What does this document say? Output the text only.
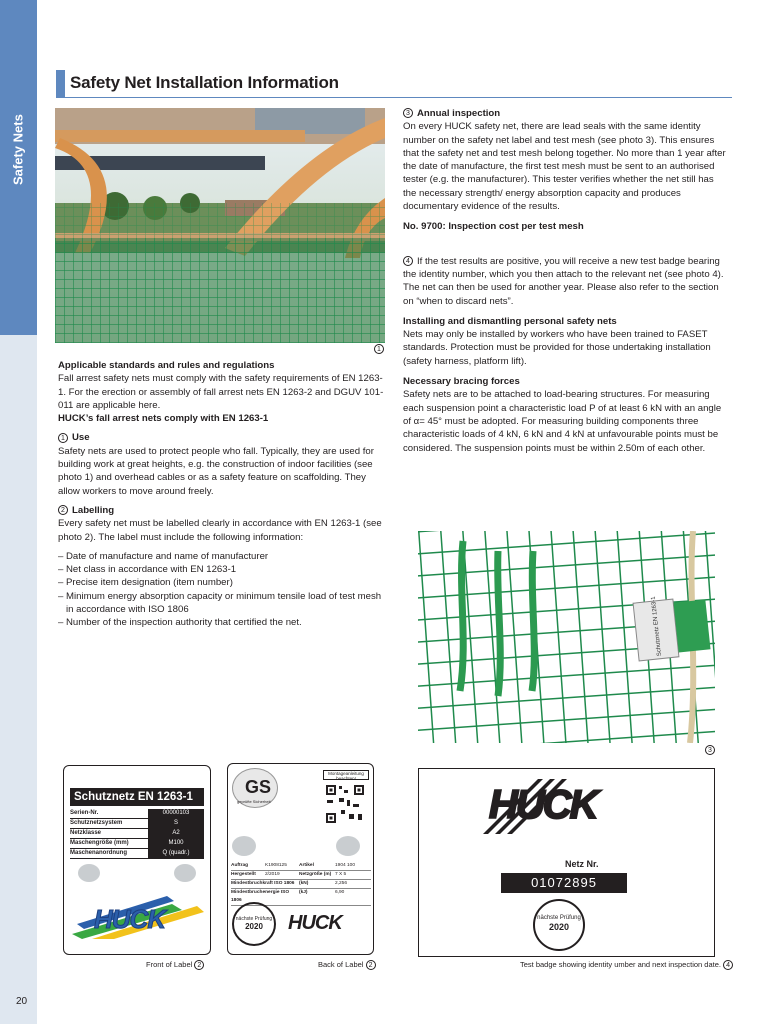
Safety Nets
20
Safety Net Installation Information
1

Applicable standards and rules and regulations

Fall arrest safety nets must comply with the safety requirements of EN 1263-1. For the erection or assembly of fall arrest nets EN 1263-2 and DGUV 101-011 are applicable here.

HUCK’s fall arrest nets comply with EN 1263-1

1 Use

Safety nets are used to protect people who fall. Typically, they are used for building work at great heights, e.g. the construction of indoor facilities (see photo 1) and overhead cables or as a safety feature on scaffolding. They allow workers to move around freely.

2 Labelling

Every safety net must be labelled clearly in accordance with EN 1263-1 (see photo 2). The label must include the following information:

– Date of manufacture and name of manufacturer

– Net class in accordance with EN 1263-1

– Precise item designation (item number)

– Minimum energy absorption capacity or minimum tensile load of test mesh

in accordance with ISO 1806

– Number of the inspection authority that certified the net.

3 Annual inspection

On every HUCK safety net, there are lead seals with the same identity number on the safety net label and test mesh (see photo 3). This ensures that the safety net and test mesh belong together. No more than 1 year after the date of manufacture, the first test mesh must be sent to an authorised tester (e.g. the manufacturer). This tester verifies whether the net still has the necessary strength/ energy absorption capacity and produces documentary evidence of the results.

No. 9700: Inspection cost per test mesh

4 If the test results are positive, you will receive a new test badge bearing the identity number, which you then attach to the relevant net (see photo 4). The net can then be used for another year. Please also refer to the section on “when to discard nets”.

Installing and dismantling personal safety nets

Nets may only be installed by workers who have been trained to FASET standards. Protection must be provided for those undertaking installation (safety harness, platform lift).

Necessary bracing forces

Safety nets are to be attached to load-bearing structures. For measuring each suspension point a characteristic load P of at least 6 kN with an angle of α= 45° must be adopted. For measuring building components three characteristic loads of 4 kN, 6 kN and 4 kN at unfavourable points must be considered. The suspension points must be within 2.50m of each other.

Schutznetz EN 1263-1
3
Schutznetz EN 1263-1
Serien-Nr.	00000103
Schutznetzsystem	S
Netzklasse	A2
Maschengröße (mm)	M100
Maschenanordnung	Q (quadr.)
HUCK
Front of Label 2
GS
geprüfte Sicherheit
Montageanleitung beachten!
Auftrag	K1908125	Artikel	1904 100
Hergestellt	2/2019	Netzgröße (m) 7 X 5
Mindestbruchkraft ISO 1806 (kN)	2,256
Mindestbruchenergie ISO 1806
(kJ)	6,90
nächste Prüfung
2020	HUCK
Back of Label 2
HUCK
Netz Nr.
01072895
nächste Prüfung
2020
Test badge showing identity umber and next inspection date. 4
